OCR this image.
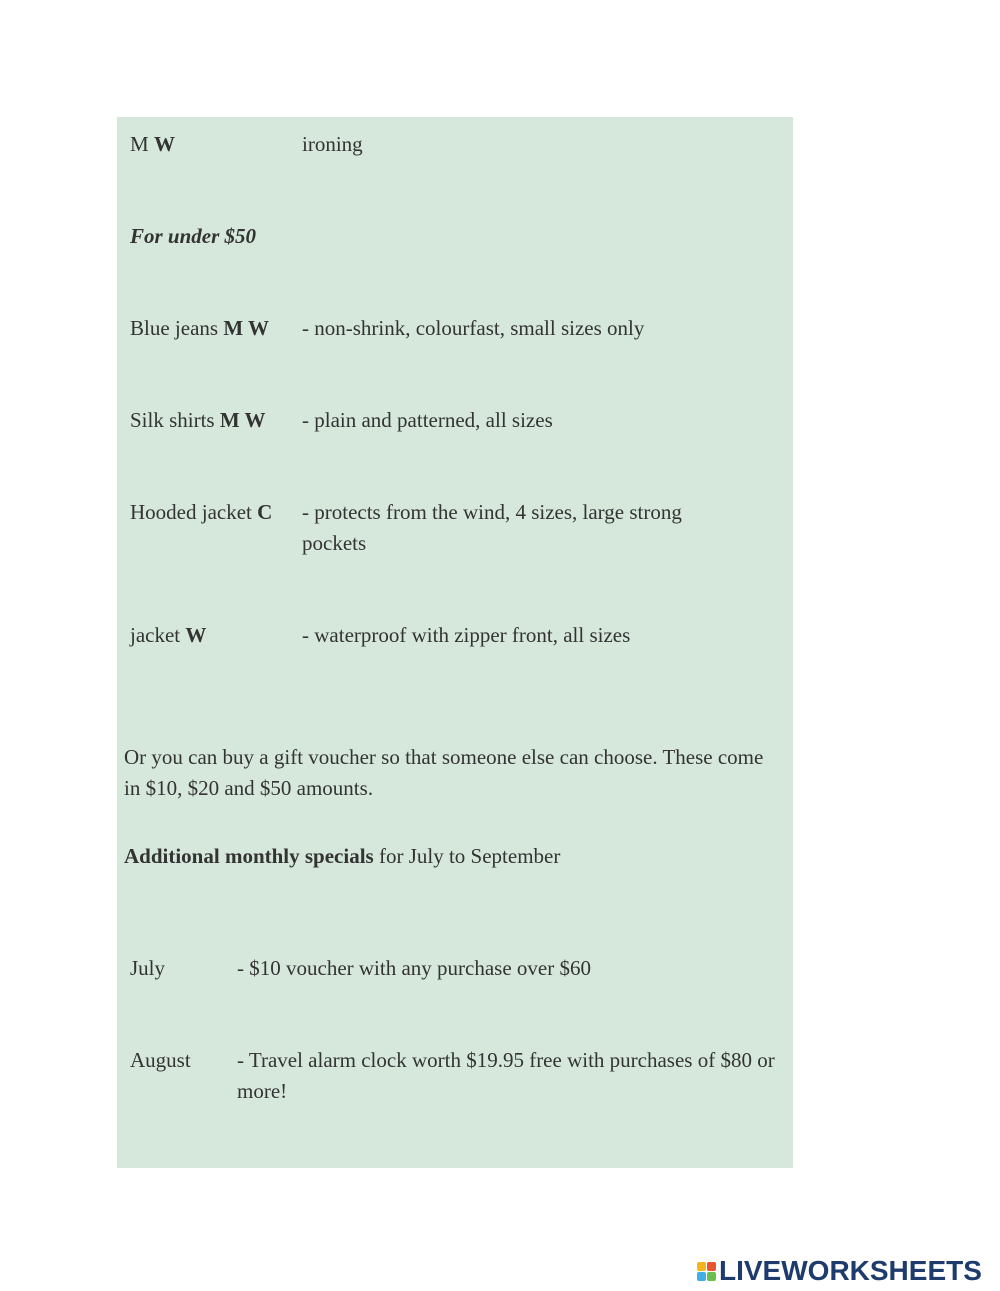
M W	ironing
For under $50
Blue jeans M W - non-shrink, colourfast, small sizes only
Silk shirts M W - plain and patterned, all sizes
Hooded jacket C - protects from the wind, 4 sizes, large strong pockets
jacket W	- waterproof with zipper front, all sizes
Or you can buy a gift voucher so that someone else can choose. These come in $10, $20 and $50 amounts.
Additional monthly specials for July to September
July	- $10 voucher with any purchase over $60
August - Travel alarm clock worth $19.95 free with purchases of $80 or more!
LIVEWORKSHEETS
